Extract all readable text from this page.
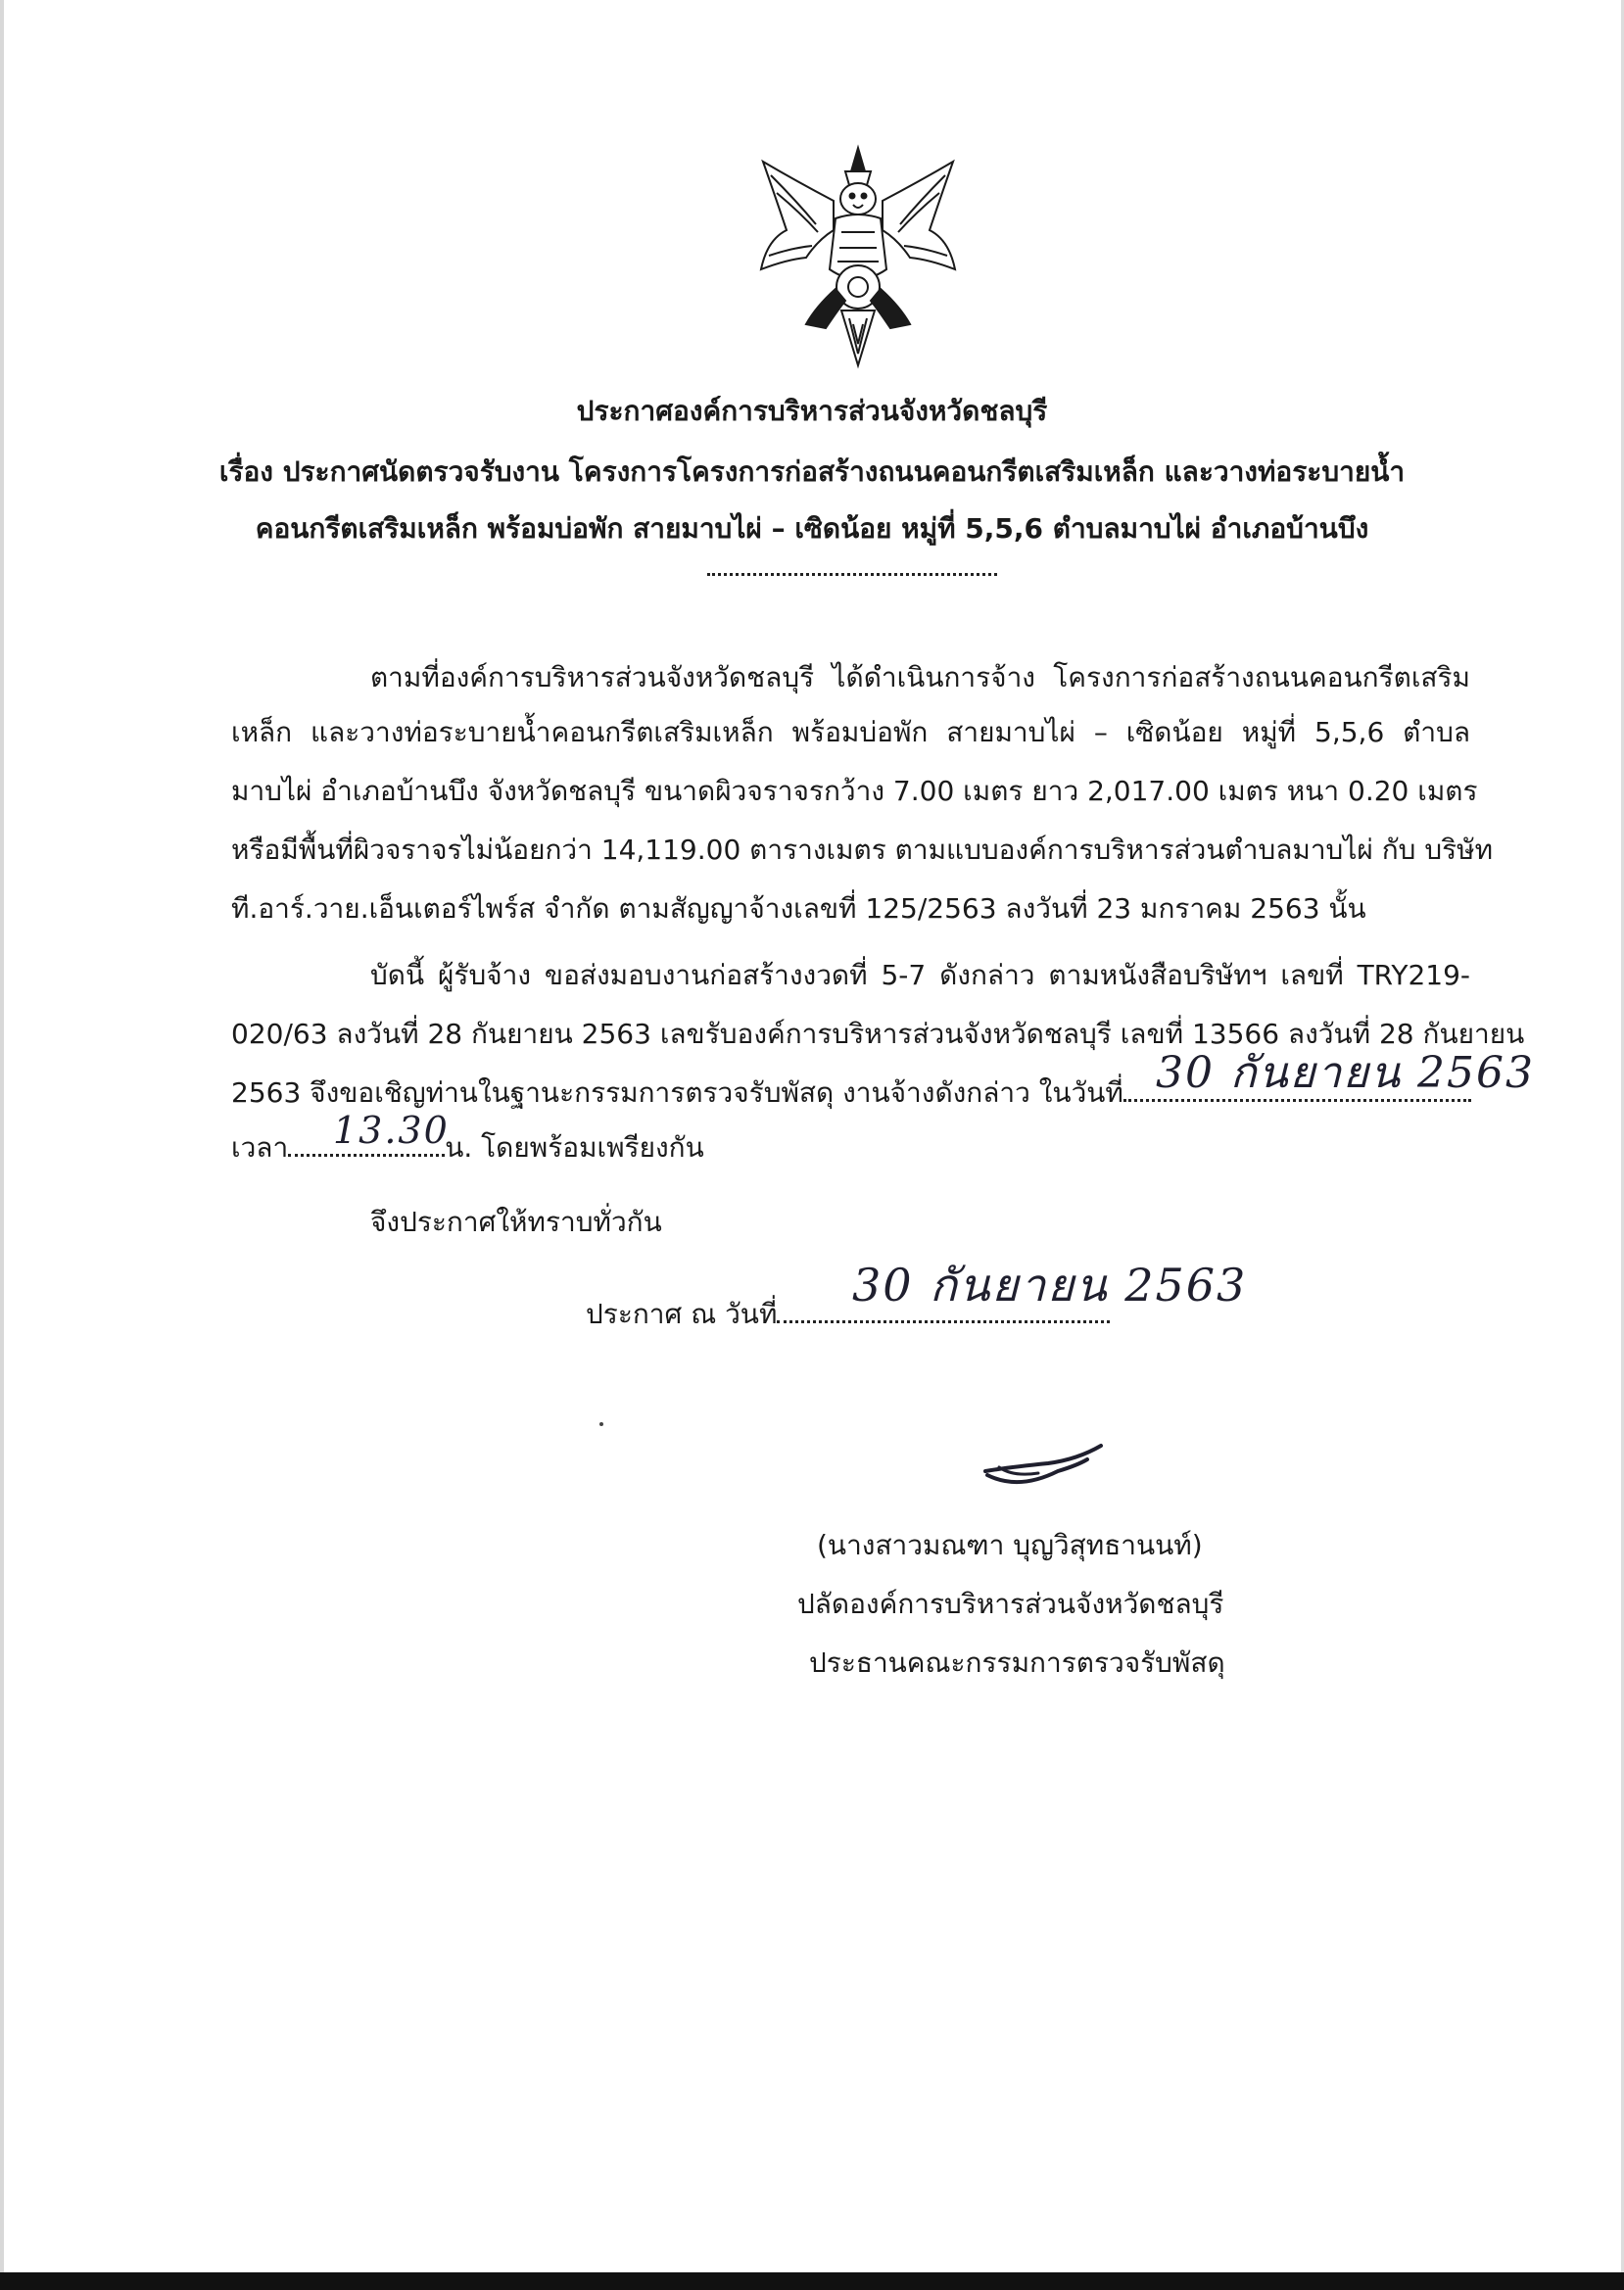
ประกาศองค์การบริหารส่วนจังหวัดชลบุรี
เรื่อง ประกาศนัดตรวจรับงาน โครงการโครงการก่อสร้างถนนคอนกรีตเสริมเหล็ก และวางท่อระบายน้ำ
คอนกรีตเสริมเหล็ก พร้อมบ่อพัก สายมาบไผ่ – เซิดน้อย หมู่ที่ 5,5,6 ตำบลมาบไผ่ อำเภอบ้านบึง
ตามที่องค์การบริหารส่วนจังหวัดชลบุรี ได้ดำเนินการจ้าง โครงการก่อสร้างถนนคอนกรีตเสริม
เหล็ก และวางท่อระบายน้ำคอนกรีตเสริมเหล็ก พร้อมบ่อพัก สายมาบไผ่ – เซิดน้อย หมู่ที่ 5,5,6 ตำบล
มาบไผ่ อำเภอบ้านบึง จังหวัดชลบุรี ขนาดผิวจราจรกว้าง 7.00 เมตร ยาว 2,017.00 เมตร หนา 0.20 เมตร
หรือมีพื้นที่ผิวจราจรไม่น้อยกว่า 14,119.00 ตารางเมตร ตามแบบองค์การบริหารส่วนตำบลมาบไผ่ กับ บริษัท
ที.อาร์.วาย.เอ็นเตอร์ไพร์ส จำกัด ตามสัญญาจ้างเลขที่ 125/2563 ลงวันที่ 23 มกราคม 2563 นั้น
บัดนี้ ผู้รับจ้าง ขอส่งมอบงานก่อสร้างงวดที่ 5-7 ดังกล่าว ตามหนังสือบริษัทฯ เลขที่ TRY219-
020/63 ลงวันที่ 28 กันยายน 2563 เลขรับองค์การบริหารส่วนจังหวัดชลบุรี เลขที่ 13566 ลงวันที่ 28 กันยายน
2563 จึงขอเชิญท่านในฐานะกรรมการตรวจรับพัสดุ งานจ้างดังกล่าว ในวันที่ 30 กันยายน 2563
เวลา	น. โดยพร้อมเพรียงกัน
13.30
จึงประกาศให้ทราบทั่วกัน
ประกาศ ณ วันที่
30 กันยายน 2563
(นางสาวมณฑา บุญวิสุทธานนท์)
ปลัดองค์การบริหารส่วนจังหวัดชลบุรี
ประธานคณะกรรมการตรวจรับพัสดุ
